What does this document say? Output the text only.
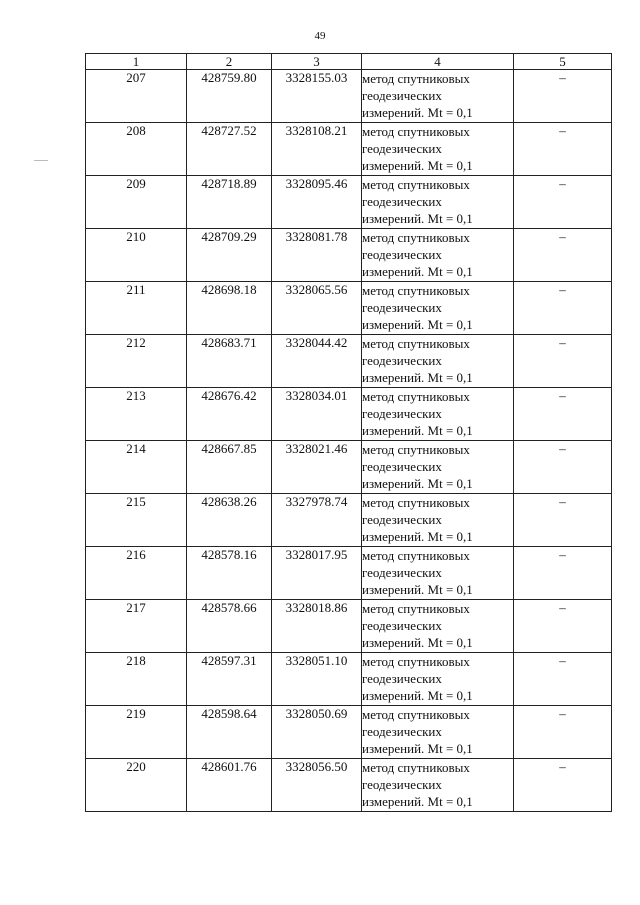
49
1	2	3	4	5
207	428759.80	3328155.03	метод спутниковых
геодезических
измерений. Mt = 0,1	–
208	428727.52	3328108.21	метод спутниковых
геодезических
измерений. Mt = 0,1	–
209	428718.89	3328095.46	метод спутниковых
геодезических
измерений. Mt = 0,1	–
210	428709.29	3328081.78	метод спутниковых
геодезических
измерений. Mt = 0,1	–
211	428698.18	3328065.56	метод спутниковых
геодезических
измерений. Mt = 0,1	–
212	428683.71	3328044.42	метод спутниковых
геодезических
измерений. Mt = 0,1	–
213	428676.42	3328034.01	метод спутниковых
геодезических
измерений. Mt = 0,1	–
214	428667.85	3328021.46	метод спутниковых
геодезических
измерений. Mt = 0,1	–
215	428638.26	3327978.74	метод спутниковых
геодезических
измерений. Mt = 0,1	–
216	428578.16	3328017.95	метод спутниковых
геодезических
измерений. Mt = 0,1	–
217	428578.66	3328018.86	метод спутниковых
геодезических
измерений. Mt = 0,1	–
218	428597.31	3328051.10	метод спутниковых
геодезических
измерений. Mt = 0,1	–
219	428598.64	3328050.69	метод спутниковых
геодезических
измерений. Mt = 0,1	–
220	428601.76	3328056.50	метод спутниковых
геодезических
измерений. Mt = 0,1	–
